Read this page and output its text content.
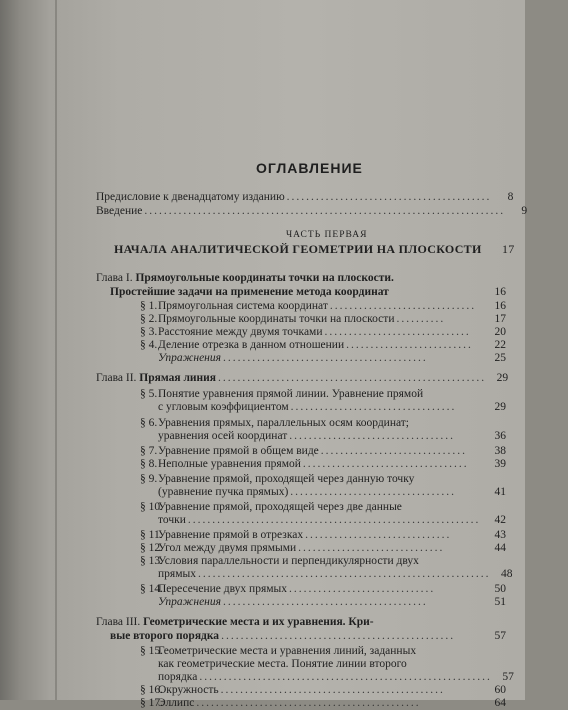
ОГЛАВЛЕНИЕ
Предисловие к двенадцатому изданию ..........................................	8
Введение ..........................................................................	9
ЧАСТЬ ПЕРВАЯ
НАЧАЛА АНАЛИТИЧЕСКОЙ ГЕОМЕТРИИ НА ПЛОСКОСТИ 17
Глава I. Прямоугольные координаты точки на плоскости.
Простейшие задачи на применение метода координат	16
§ 1. Прямоугольная система координат ..............................	16
§ 2. Прямоугольные координаты точки на плоскости ..........	17
§ 3. Расстояние между двумя точками ..............................	20
§ 4. Деление отрезка в данном отношении ..........................	22
Упражнения ..........................................	25
Глава II. Прямая линия ....................................................... 29
§ 5.Понятие уравнения прямой линии. Уравнение прямой
с угловым коэффициентом ..................................	29
§ 6.Уравнения прямых, параллельных осям координат;
уравнения осей координат ..................................	36
§ 7. Уравнение прямой в общем виде ..............................	38
§ 8. Неполные уравнения прямой ..................................	39
§ 9.Уравнение прямой, проходящей через данную точку
(уравнение пучка прямых) ..................................	41
§ 10.Уравнение прямой, проходящей через две данные
точки ............................................................	42
§ 11.
Уравнение прямой в отрезках ..............................	43
§ 12.
Угол между двумя прямыми ..............................	44
§ 13.Условия параллельности и перпендикулярности двух
прямых ............................................................ 48
§ 14.
Пересечение двух прямых ..............................	50
Упражнения ..........................................	51
Глава III. Геометрические места и их уравнения. Кри-
вые второго порядка ................................................	57
§ 15.Геометрические места и уравнения линий, заданных
как геометрические места. Понятие линии второго
порядка ............................................................ 57
§ 16.
Окружность ..............................................	60
§ 17.
Эллипс ..............................................	64
